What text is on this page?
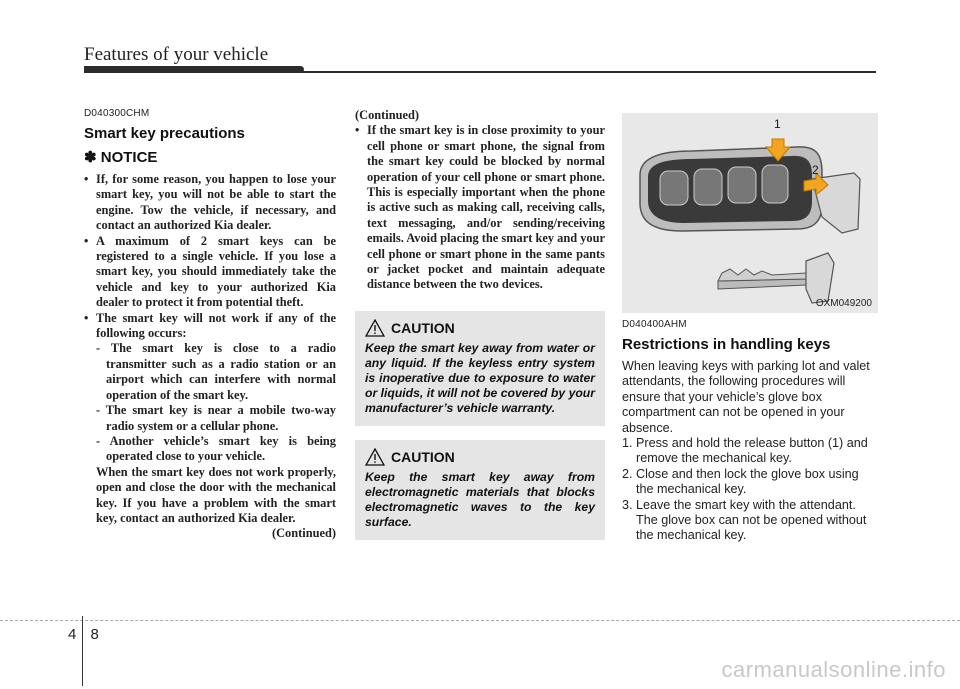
Features of your vehicle
D040300CHM
Smart key precautions
✽ NOTICE
• If, for some reason, you happen to lose your smart key, you will not be able to start the engine. Tow the vehicle, if necessary, and contact an authorized Kia dealer.
• A maximum of 2 smart keys can be registered to a single vehicle. If you lose a smart key, you should immediately take the vehicle and key to your authorized Kia dealer to protect it from potential theft.
• The smart key will not work if any of the following occurs:
- The smart key is close to a radio transmitter such as a radio station or an airport which can interfere with normal operation of the smart key.
- The smart key is near a mobile two-way radio system or a cellular phone.
- Another vehicle’s smart key is being operated close to your vehicle.
When the smart key does not work properly, open and close the door with the mechanical key. If you have a problem with the smart key, contact an authorized Kia dealer.
(Continued)
(Continued)
• If the smart key is in close proximity to your cell phone or smart phone, the signal from the smart key could be blocked by normal operation of your cell phone or smart phone. This is especially important when the phone is active such as making call, receiving calls, text messaging, and/or sending/receiving emails. Avoid placing the smart key and your cell phone or smart phone in the same pants or jacket pocket and maintain adequate distance between the two devices.
CAUTION
Keep the smart key away from water or any liquid. If the keyless entry system is inoperative due to exposure to water or liquids, it will not be covered by your manufacturer’s vehicle warranty.
CAUTION
Keep the smart key away from electromagnetic materials that blocks electromagnetic waves to the key surface.
1
2
OXM049200
D040400AHM
Restrictions in handling keys
When leaving keys with parking lot and valet attendants, the following procedures will ensure that your vehicle’s glove box compartment can not be opened in your absence.
1. Press and hold the release button (1) and remove the mechanical key.
2. Close and then lock the glove box using the mechanical key.
3. Leave the smart key with the attendant. The glove box can not be opened without the mechanical key.
4 8
carmanualsonline.info
